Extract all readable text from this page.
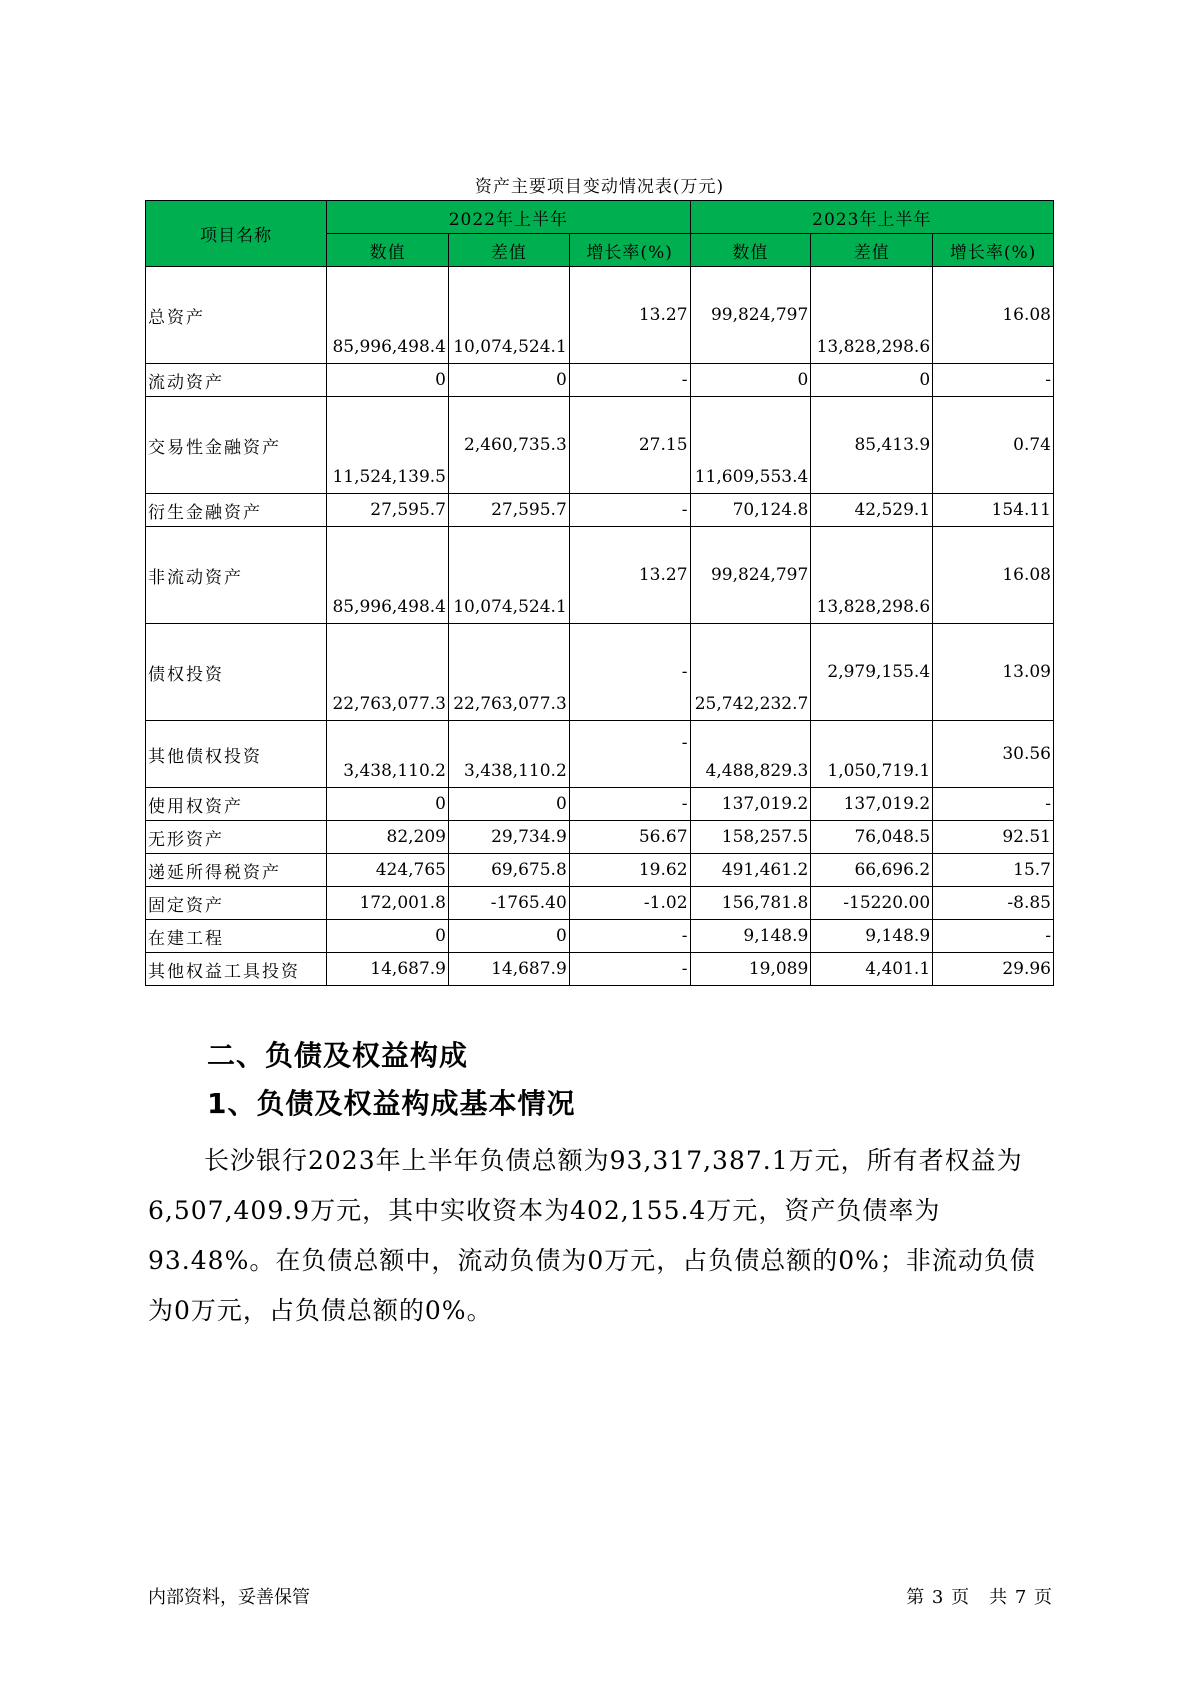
资产主要项目变动情况表(万元)
项目名称	2022年上半年			2023年上半年		
	数值	差值	增长率(%)	数值	差值	增长率(%)
总资产	85,996,498.4	10,074,524.1	13.27	99,824,797	13,828,298.6	16.08
流动资产	0	0	-	0	0	-
交易性金融资产	11,524,139.5	2,460,735.3	27.15	11,609,553.4	85,413.9	0.74
衍生金融资产	27,595.7	27,595.7	-	70,124.8	42,529.1	154.11
非流动资产	85,996,498.4	10,074,524.1	13.27	99,824,797	13,828,298.6	16.08
债权投资	22,763,077.3	22,763,077.3	-	25,742,232.7	2,979,155.4	13.09
其他债权投资	3,438,110.2	3,438,110.2	-	4,488,829.3	1,050,719.1	30.56
使用权资产	0	0	-	137,019.2	137,019.2	-
无形资产	82,209	29,734.9	56.67	158,257.5	76,048.5	92.51
递延所得税资产	424,765	69,675.8	19.62	491,461.2	66,696.2	15.7
固定资产	172,001.8	-1765.40	-1.02	156,781.8	-15220.00	-8.85
在建工程	0	0	-	9,148.9	9,148.9	-
其他权益工具投资	14,687.9	14,687.9	-	19,089	4,401.1	29.96
二、负债及权益构成
1、负债及权益构成基本情况
长沙银行2023年上半年负债总额为93,317,387.1万元，所有者权益为6,507,409.9万元，其中实收资本为402,155.4万元，资产负债率为93.48%。在负债总额中，流动负债为0万元，占负债总额的0%；非流动负债为0万元，占负债总额的0%。
内部资料，妥善保管	第 3 页　共 7 页
